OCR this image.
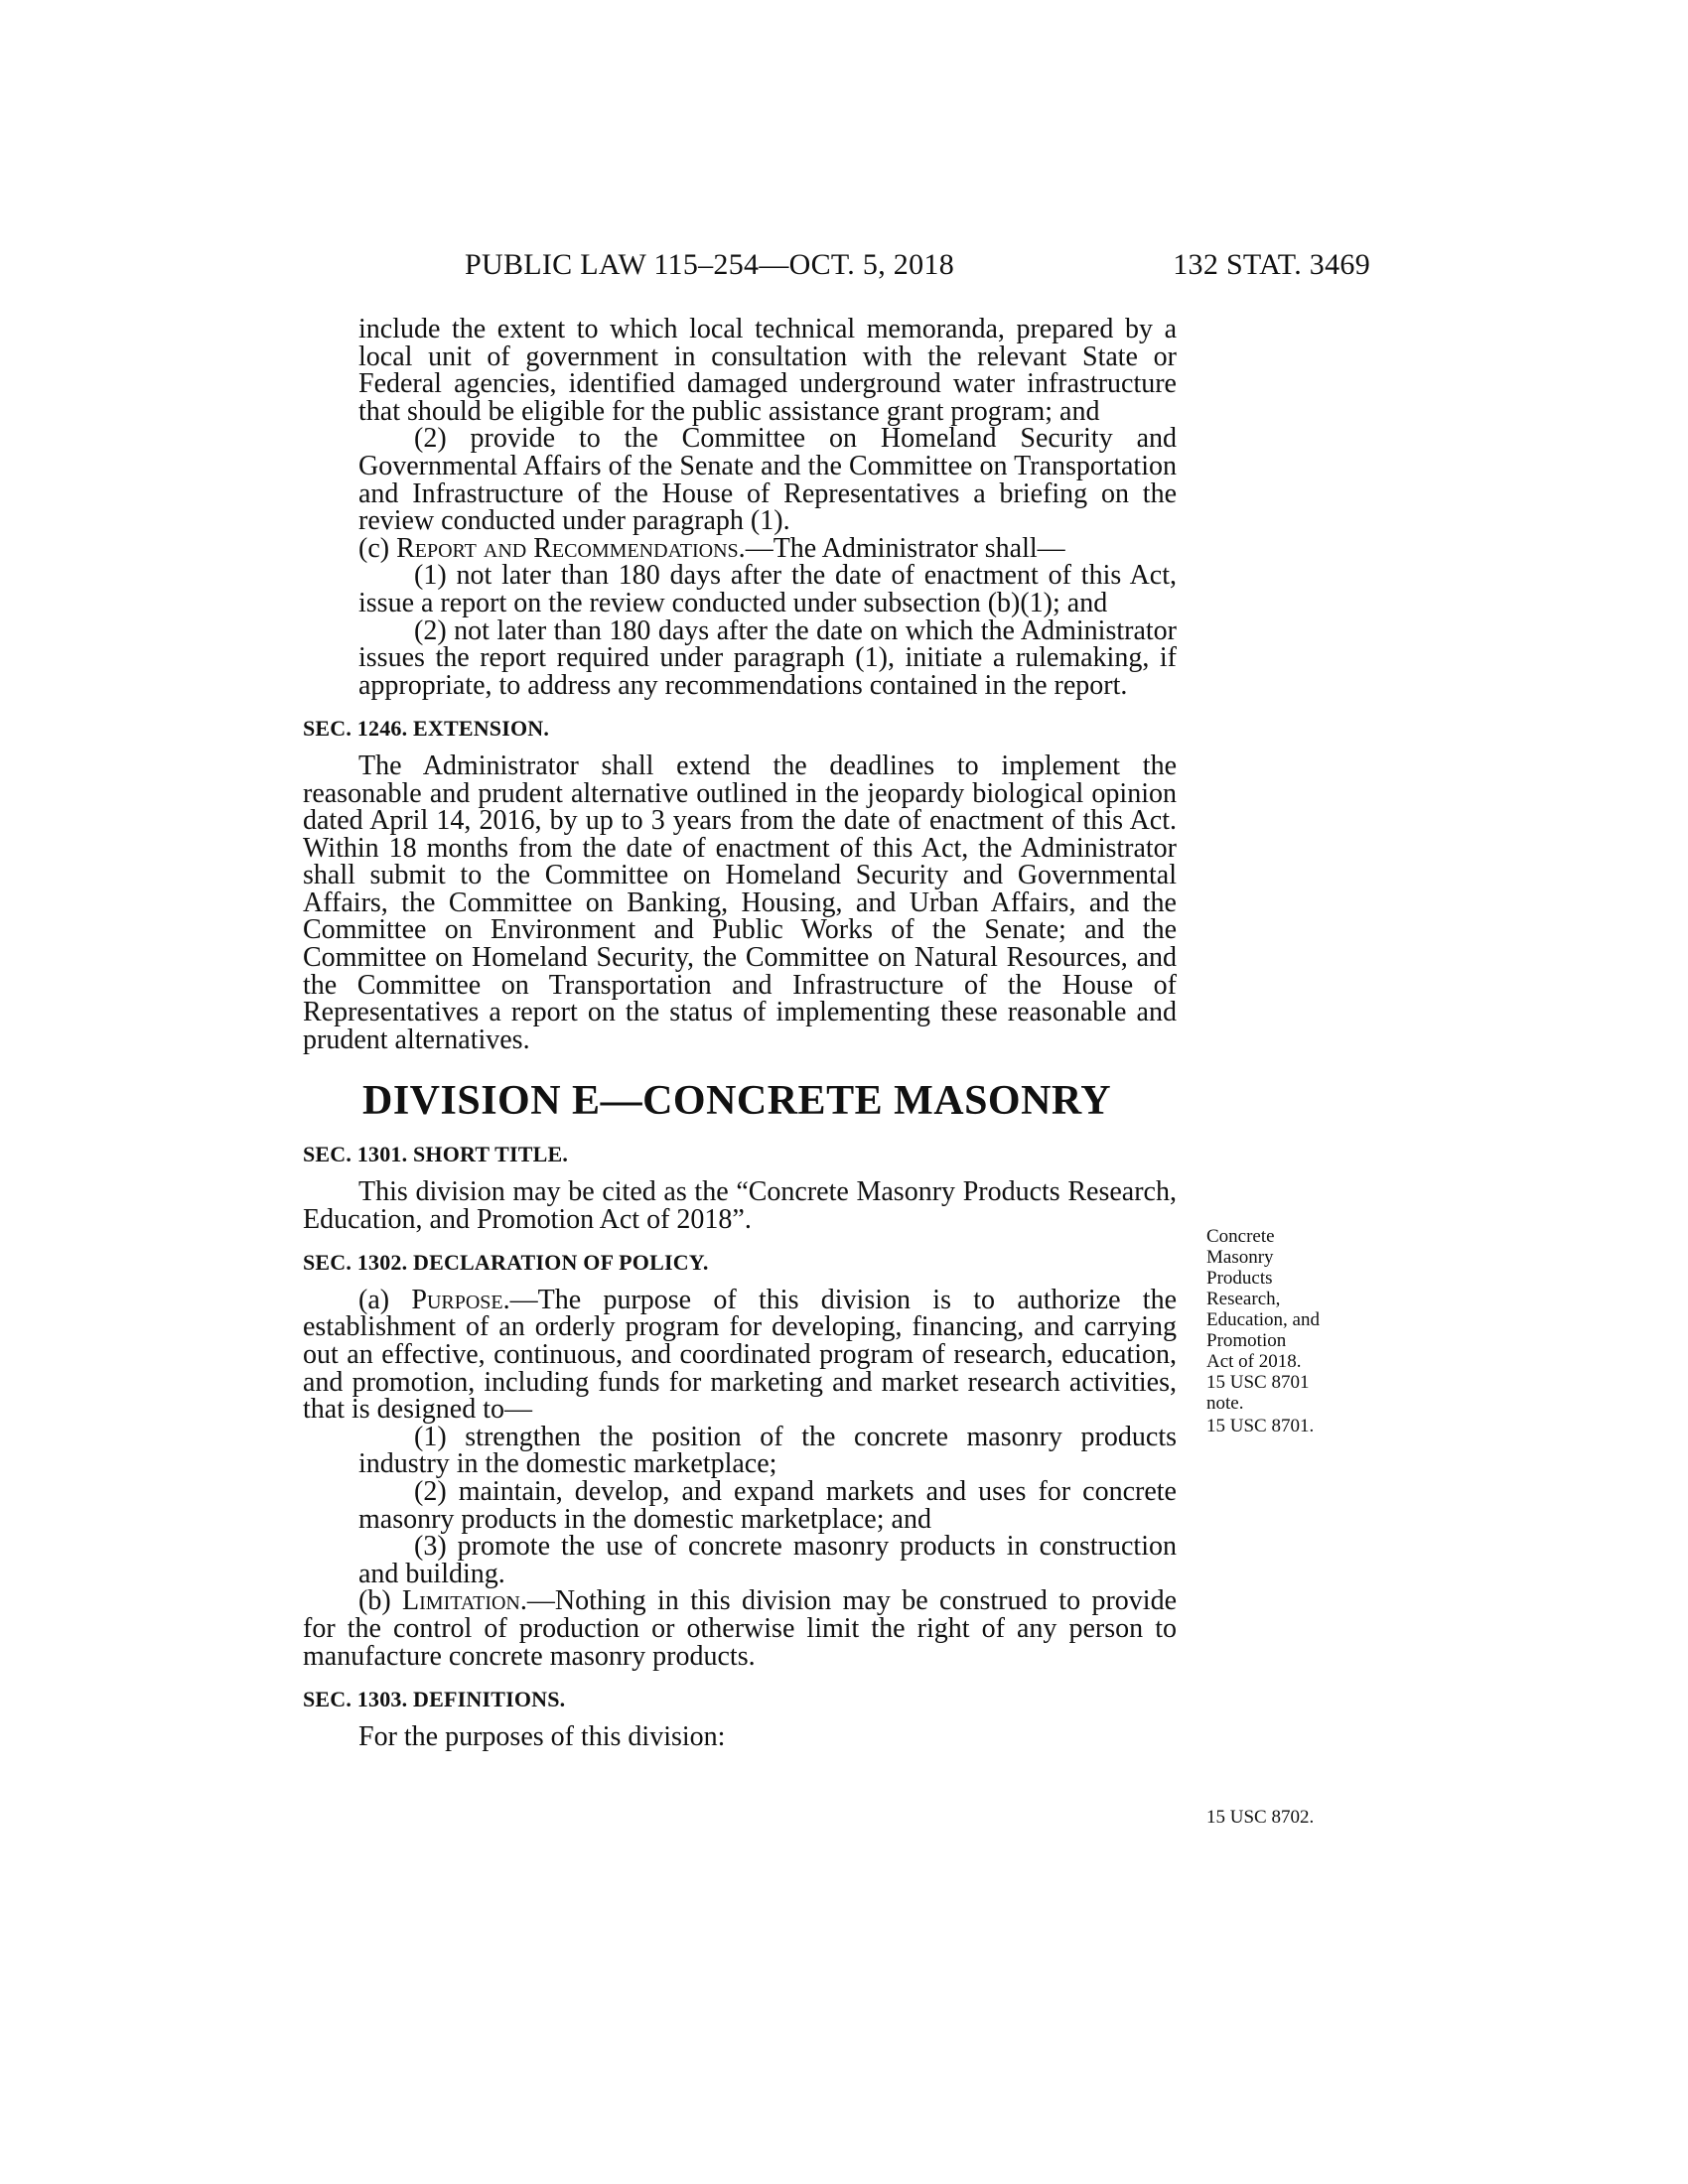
PUBLIC LAW 115–254—OCT. 5, 2018	132 STAT. 3469

include the extent to which local technical memoranda, prepared by a local unit of government in consultation with the relevant State or Federal agencies, identified damaged underground water infrastructure that should be eligible for the public assistance grant program; and

(2) provide to the Committee on Homeland Security and Governmental Affairs of the Senate and the Committee on Transportation and Infrastructure of the House of Representatives a briefing on the review conducted under paragraph (1).

(c) Report and Recommendations.—The Administrator shall—

(1) not later than 180 days after the date of enactment of this Act, issue a report on the review conducted under subsection (b)(1); and

(2) not later than 180 days after the date on which the Administrator issues the report required under paragraph (1), initiate a rulemaking, if appropriate, to address any recommendations contained in the report.

SEC. 1246. EXTENSION.

The Administrator shall extend the deadlines to implement the reasonable and prudent alternative outlined in the jeopardy biological opinion dated April 14, 2016, by up to 3 years from the date of enactment of this Act. Within 18 months from the date of enactment of this Act, the Administrator shall submit to the Committee on Homeland Security and Governmental Affairs, the Committee on Banking, Housing, and Urban Affairs, and the Committee on Environment and Public Works of the Senate; and the Committee on Homeland Security, the Committee on Natural Resources, and the Committee on Transportation and Infrastructure of the House of Representatives a report on the status of implementing these reasonable and prudent alternatives.

DIVISION E—CONCRETE MASONRY

SEC. 1301. SHORT TITLE.

This division may be cited as the “Concrete Masonry Products Research, Education, and Promotion Act of 2018”.

SEC. 1302. DECLARATION OF POLICY.

(a) Purpose.—The purpose of this division is to authorize the establishment of an orderly program for developing, financing, and carrying out an effective, continuous, and coordinated program of research, education, and promotion, including funds for marketing and market research activities, that is designed to—

(1) strengthen the position of the concrete masonry products industry in the domestic marketplace;

(2) maintain, develop, and expand markets and uses for concrete masonry products in the domestic marketplace; and

(3) promote the use of concrete masonry products in construction and building.

(b) Limitation.—Nothing in this division may be construed to provide for the control of production or otherwise limit the right of any person to manufacture concrete masonry products.

SEC. 1303. DEFINITIONS.

For the purposes of this division:

Concrete
Masonry
Products
Research,
Education, and
Promotion
Act of 2018.
15 USC 8701
note.
15 USC 8701.
15 USC 8702.
